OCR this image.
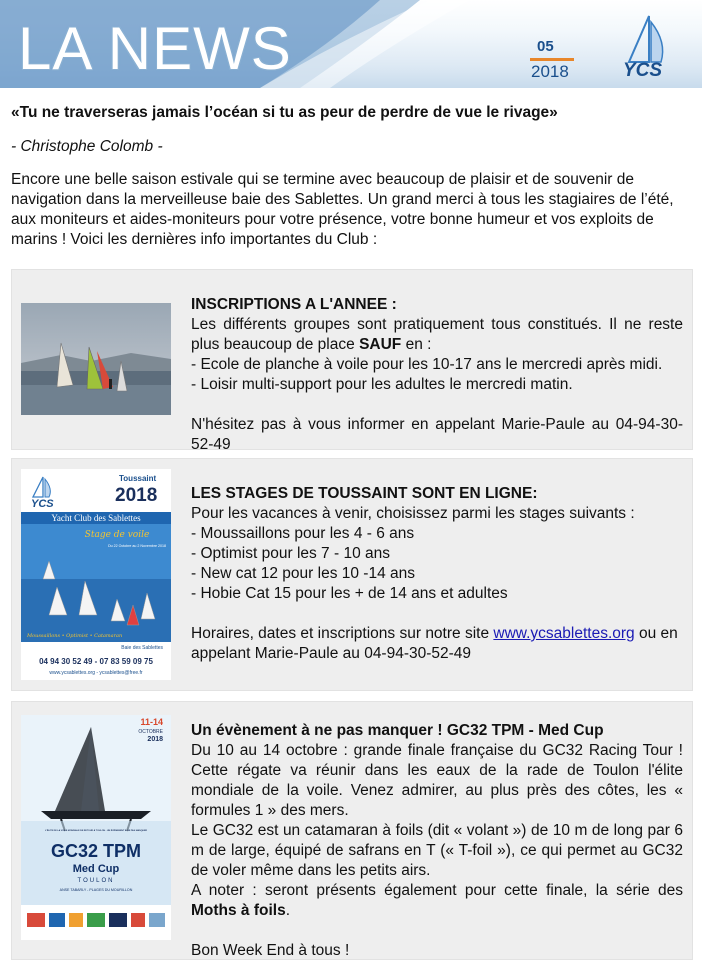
LA NEWS	05
2018	YCS
«Tu ne traverseras jamais l’océan si tu as peur de perdre de vue le rivage»
- Christophe Colomb -
Encore une belle saison estivale qui se termine avec beaucoup de plaisir et de souvenir de navigation dans la merveilleuse baie des Sablettes. Un grand merci à tous les stagiaires de l’été, aux moniteurs et aides-moniteurs pour votre présence, votre bonne humeur et vos exploits de marins ! Voici les dernières info importantes du Club :

INSCRIPTIONS A L'ANNEE :

Les différents groupes sont pratiquement tous constitués. Il ne reste plus beaucoup de place SAUF en :

- Ecole de planche à voile pour les 10-17 ans le mercredi après midi.

- Loisir multi-support pour les adultes le mercredi matin.

N'hésitez pas à vous informer en appelant Marie-Paule au 04-94-30-52-49

YCS
Toussaint
2018
Yacht Club des Sablettes
Stage de voile
Du 22 Octobre au 2 Novembre 2018
Moussaillons • Optimist • Catamaran
Baie des Sablettes
04 94 30 52 49 - 07 83 59 09 75
www.ycsablettes.org - ycsablettes@free.fr

LES STAGES DE TOUSSAINT SONT EN LIGNE:

Pour les vacances à venir, choisissez parmi les stages suivants :

- Moussaillons pour les 4 - 6 ans

- Optimist pour les 7 - 10 ans

- New cat 12 pour les 10 -14 ans

- Hobie Cat 15 pour les + de 14 ans et adultes

Horaires, dates et inscriptions sur notre site www.ycsablettes.org ou en appelant Marie-Paule au 04-94-30-52-49

11-14
OCTOBRE
2018
L'ÉLITE DE LA VOILE MONDIALE DE RETOUR À TOULON - UN ÉVÈNEMENT À NE PAS MANQUER
GC32 TPM
Med Cup
TOULON
ANSE TABARLY - PLAGES DU MOURILLON

Un évènement à ne pas manquer ! GC32 TPM - Med Cup

Du 10 au 14 octobre : grande finale française du GC32 Racing Tour ! Cette régate va réunir dans les eaux de la rade de Toulon l'élite mondiale de la voile. Venez admirer, au plus près des côtes, les « formules 1 » des mers.

Le GC32 est un catamaran à foils (dit « volant ») de 10 m de long par 6 m de large, équipé de safrans en T (« T-foil »), ce qui permet au GC32 de voler même dans les petits airs.

A noter : seront présents également pour cette finale, la série des Moths à foils.

Bon Week End à tous !
